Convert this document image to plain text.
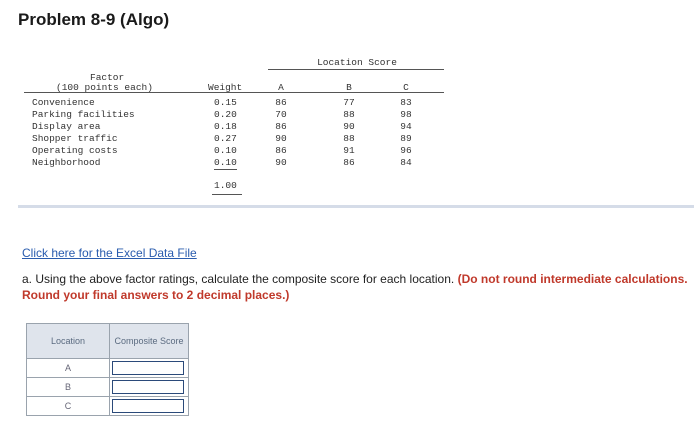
Problem 8-9 (Algo)
Location Score
Factor
(100 points each)	Weight	A	B	C
Convenience	0.15	86	77	83
Parking facilities	0.20	70	88	98
Display area	0.18	86	90	94
Shopper traffic	0.27	90	88	89
Operating costs	0.10	86	91	96
Neighborhood	0.10	90	86	84
1.00
Click here for the Excel Data File
a. Using the above factor ratings, calculate the composite score for each location. (Do not round intermediate calculations. Round your final answers to 2 decimal places.)
Location	Composite Score
A	
B	
C	
